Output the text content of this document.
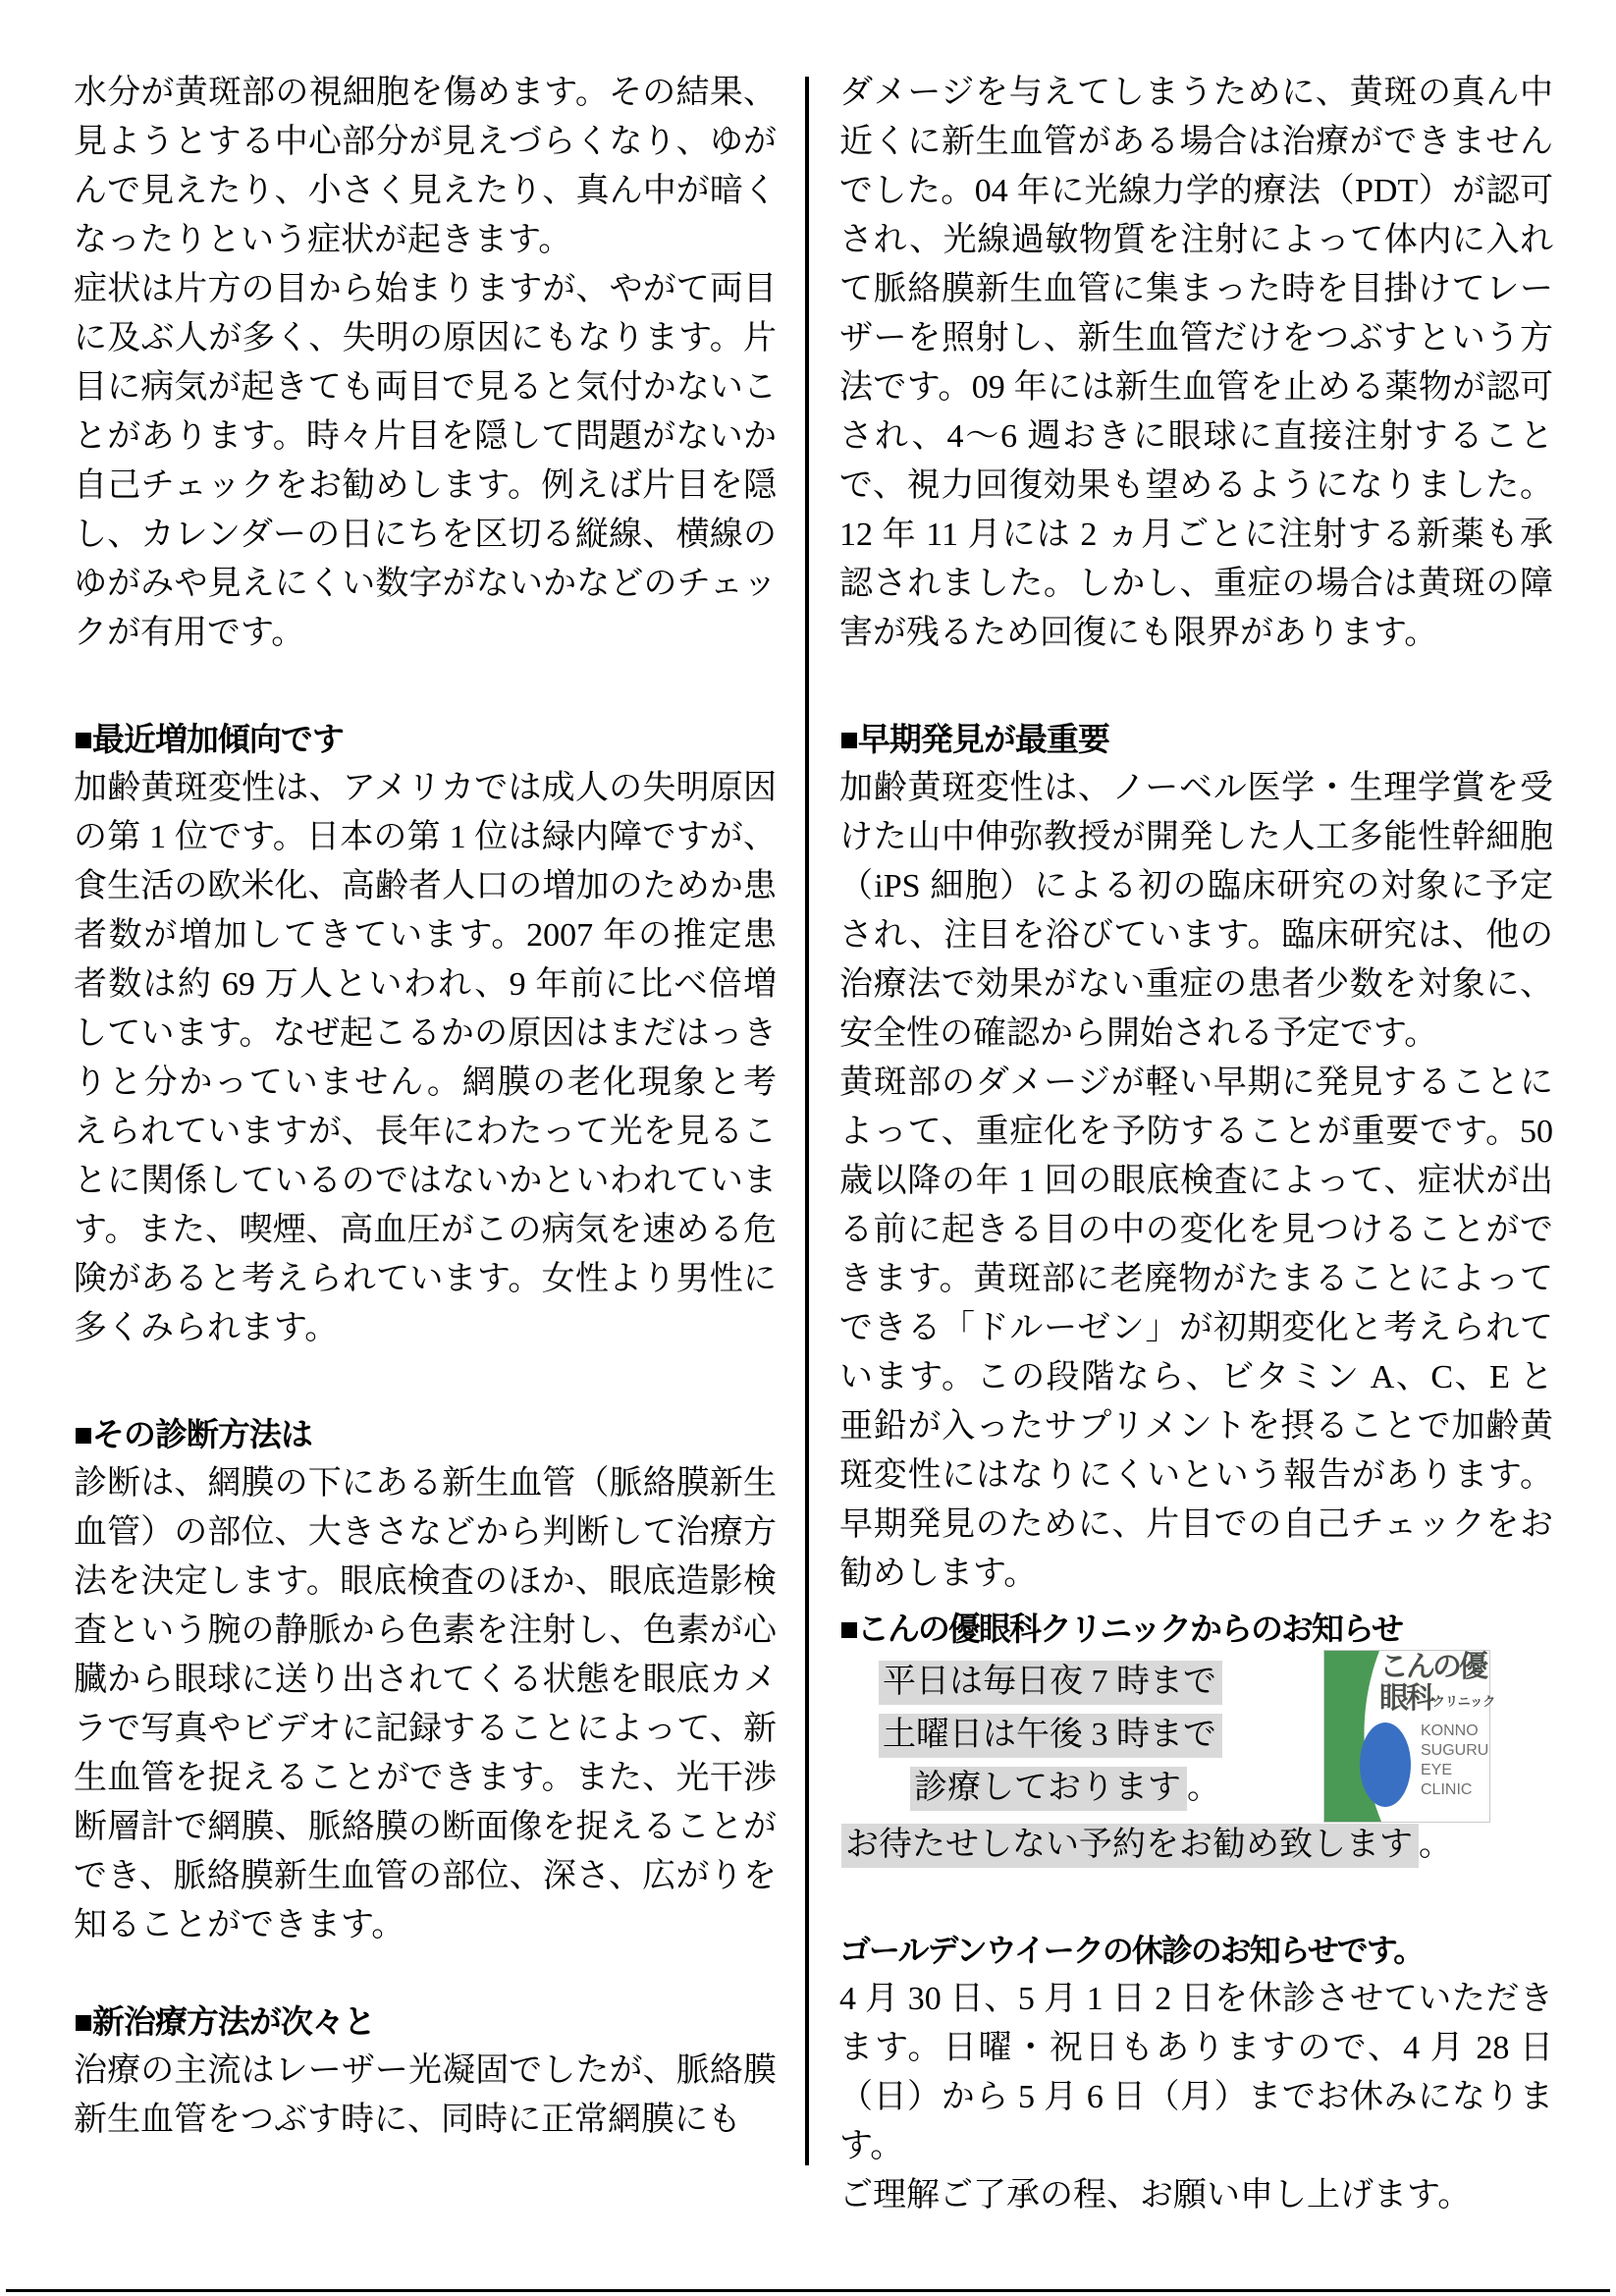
水分が黄斑部の視細胞を傷めます。その結果、見ようとする中心部分が見えづらくなり、ゆがんで見えたり、小さく見えたり、真ん中が暗くなったりという症状が起きます。
症状は片方の目から始まりますが、やがて両目に及ぶ人が多く、失明の原因にもなります。片目に病気が起きても両目で見ると気付かないことがあります。時々片目を隠して問題がないか自己チェックをお勧めします。例えば片目を隠し、カレンダーの日にちを区切る縦線、横線のゆがみや見えにくい数字がないかなどのチェックが有用です。
■最近増加傾向です
加齢黄斑変性は、アメリカでは成人の失明原因の第 1 位です。日本の第 1 位は緑内障ですが、食生活の欧米化、高齢者人口の増加のためか患者数が増加してきています。2007 年の推定患者数は約 69 万人といわれ、9 年前に比べ倍増しています。なぜ起こるかの原因はまだはっきりと分かっていません。網膜の老化現象と考えられていますが、長年にわたって光を見ることに関係しているのではないかといわれています。また、喫煙、高血圧がこの病気を速める危険があると考えられています。女性より男性に多くみられます。
■その診断方法は
診断は、網膜の下にある新生血管（脈絡膜新生血管）の部位、大きさなどから判断して治療方法を決定します。眼底検査のほか、眼底造影検査という腕の静脈から色素を注射し、色素が心臓から眼球に送り出されてくる状態を眼底カメラで写真やビデオに記録することによって、新生血管を捉えることができます。また、光干渉断層計で網膜、脈絡膜の断面像を捉えることができ、脈絡膜新生血管の部位、深さ、広がりを知ることができます。
■新治療方法が次々と
治療の主流はレーザー光凝固でしたが、脈絡膜新生血管をつぶす時に、同時に正常網膜にも
ダメージを与えてしまうために、黄斑の真ん中近くに新生血管がある場合は治療ができませんでした。04 年に光線力学的療法（PDT）が認可され、光線過敏物質を注射によって体内に入れて脈絡膜新生血管に集まった時を目掛けてレーザーを照射し、新生血管だけをつぶすという方法です。09 年には新生血管を止める薬物が認可され、4～6 週おきに眼球に直接注射することで、視力回復効果も望めるようになりました。12 年 11 月には 2 ヵ月ごとに注射する新薬も承認されました。しかし、重症の場合は黄斑の障害が残るため回復にも限界があります。
■早期発見が最重要
加齢黄斑変性は、ノーベル医学・生理学賞を受けた山中伸弥教授が開発した人工多能性幹細胞（iPS 細胞）による初の臨床研究の対象に予定され、注目を浴びています。臨床研究は、他の治療法で効果がない重症の患者少数を対象に、安全性の確認から開始される予定です。
黄斑部のダメージが軽い早期に発見することによって、重症化を予防することが重要です。50 歳以降の年 1 回の眼底検査によって、症状が出る前に起きる目の中の変化を見つけることができます。黄斑部に老廃物がたまることによってできる「ドルーゼン」が初期変化と考えられています。この段階なら、ビタミン A、C、E と亜鉛が入ったサプリメントを摂ることで加齢黄斑変性にはなりにくいという報告があります。早期発見のために、片目での自己チェックをお勧めします。
■こんの優眼科クリニックからのお知らせ
平日は毎日夜 7 時まで
土曜日は午後 3 時まで
診療しております 。
お待たせしない予約をお勧め致します 。
こんの優
眼科クリニック
KONNO
SUGURU
EYE
CLINIC
ゴールデンウイークの休診のお知らせです。
4 月 30 日、5 月 1 日 2 日を休診させていただきます。日曜・祝日もありますので、4 月 28 日（日）から 5 月 6 日（月）までお休みになります。
ご理解ご了承の程、お願い申し上げます。
